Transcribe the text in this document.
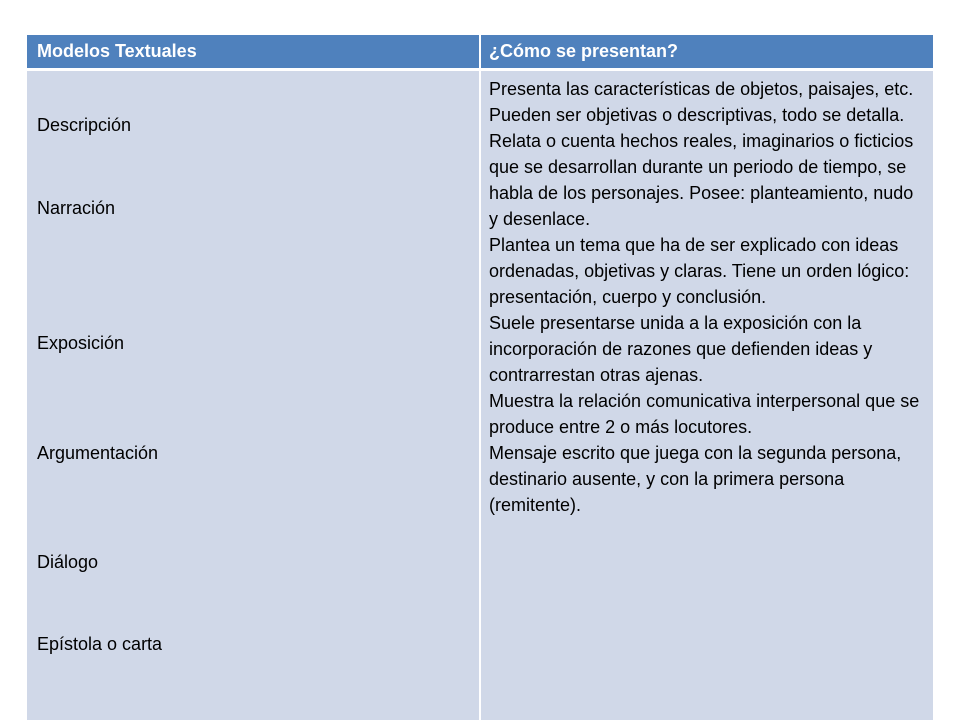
Modelos Textuales	¿Cómo se presentan?
Descripción
Narración
Exposición
Argumentación
Diálogo
Epístola o carta
Presenta las características de objetos, paisajes, etc. Pueden ser objetivas o descriptivas, todo se detalla.
Relata o cuenta hechos reales, imaginarios o ficticios que se desarrollan durante un periodo de tiempo, se habla de los personajes. Posee: planteamiento, nudo y desenlace.
Plantea un tema que ha de ser explicado con ideas ordenadas, objetivas y claras. Tiene un orden lógico: presentación, cuerpo y conclusión.
Suele presentarse unida a la exposición con la incorporación de razones que defienden ideas y contrarrestan otras ajenas.
Muestra la relación comunicativa interpersonal que se produce entre 2 o más locutores.
Mensaje escrito que juega con la segunda persona, destinario ausente, y con la primera persona (remitente).
